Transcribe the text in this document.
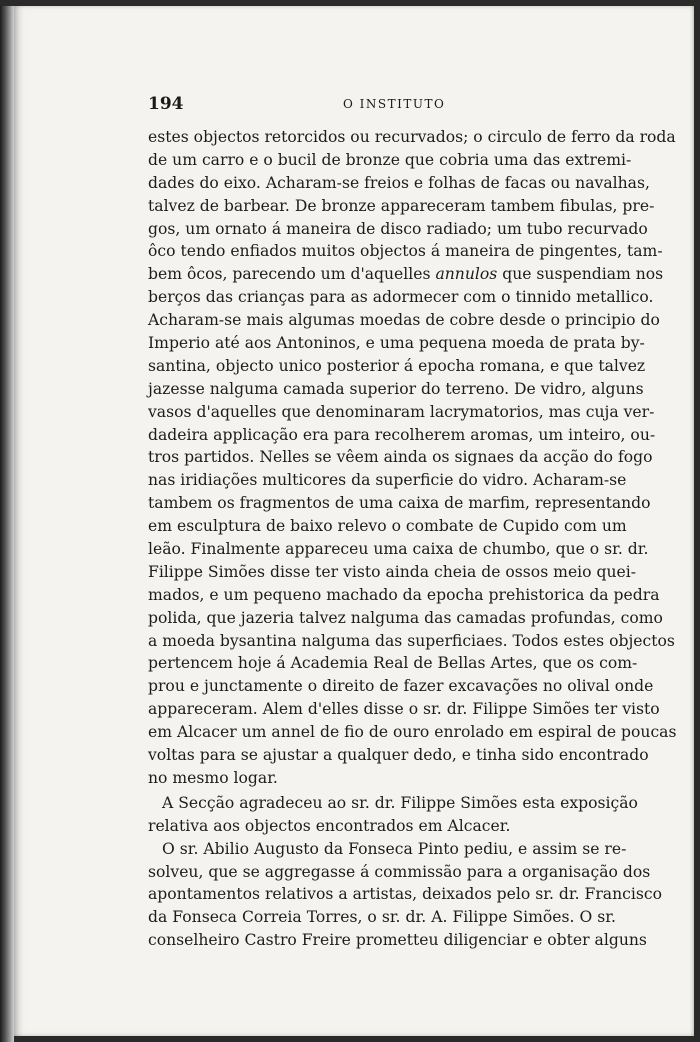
194	O INSTITUTO
estes objectos retorcidos ou recurvados; o circulo de ferro da roda
de um carro e o bucil de bronze que cobria uma das extremi-
dades do eixo. Acharam-se freios e folhas de facas ou navalhas,
talvez de barbear. De bronze appareceram tambem fibulas, pre-
gos, um ornato á maneira de disco radiado; um tubo recurvado
ôco tendo enfiados muitos objectos á maneira de pingentes, tam-
bem ôcos, parecendo um d'aquelles annulos que suspendiam nos
berços das crianças para as adormecer com o tinnido metallico.
Acharam-se mais algumas moedas de cobre desde o principio do
Imperio até aos Antoninos, e uma pequena moeda de prata by-
santina, objecto unico posterior á epocha romana, e que talvez
jazesse nalguma camada superior do terreno. De vidro, alguns
vasos d'aquelles que denominaram lacrymatorios, mas cuja ver-
dadeira applicação era para recolherem aromas, um inteiro, ou-
tros partidos. Nelles se vêem ainda os signaes da acção do fogo
nas iridiações multicores da superficie do vidro. Acharam-se
tambem os fragmentos de uma caixa de marfim, representando
em esculptura de baixo relevo o combate de Cupido com um
leão. Finalmente appareceu uma caixa de chumbo, que o sr. dr.
Filippe Simões disse ter visto ainda cheia de ossos meio quei-
mados, e um pequeno machado da epocha prehistorica da pedra
polida, que jazeria talvez nalguma das camadas profundas, como
a moeda bysantina nalguma das superficiaes. Todos estes objectos
pertencem hoje á Academia Real de Bellas Artes, que os com-
prou e junctamente o direito de fazer excavações no olival onde
appareceram. Alem d'elles disse o sr. dr. Filippe Simões ter visto
em Alcacer um annel de fio de ouro enrolado em espiral de poucas
voltas para se ajustar a qualquer dedo, e tinha sido encontrado
no mesmo logar.
A Secção agradeceu ao sr. dr. Filippe Simões esta exposição
relativa aos objectos encontrados em Alcacer.
O sr. Abilio Augusto da Fonseca Pinto pediu, e assim se re-
solveu, que se aggregasse á commissão para a organisação dos
apontamentos relativos a artistas, deixados pelo sr. dr. Francisco
da Fonseca Correia Torres, o sr. dr. A. Filippe Simões. O sr.
conselheiro Castro Freire prometteu diligenciar e obter alguns
